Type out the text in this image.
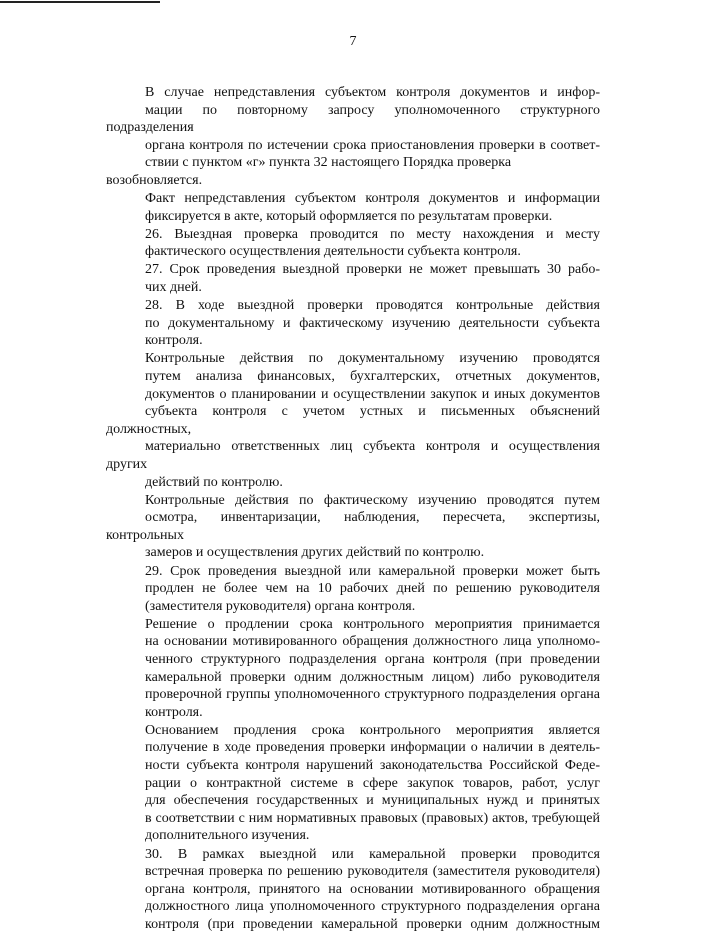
7

В случае непредставления субъектом контроля документов и инфор-
мации по повторному запросу уполномоченного структурного подразделения
органа контроля по истечении срока приостановления проверки в соответ-
ствии с пунктом «г» пункта 32 настоящего Порядка проверка возобновляется.

Факт непредставления субъектом контроля документов и информации
фиксируется в акте, который оформляется по результатам проверки.

26. Выездная проверка проводится по месту нахождения и месту
фактического осуществления деятельности субъекта контроля.

27. Срок проведения выездной проверки не может превышать 30 рабо-
чих дней.

28. В ходе выездной проверки проводятся контрольные действия
по документальному и фактическому изучению деятельности субъекта
контроля.

Контрольные действия по документальному изучению проводятся
путем анализа финансовых, бухгалтерских, отчетных документов,
документов о планировании и осуществлении закупок и иных документов
субъекта контроля с учетом устных и письменных объяснений должностных,
материально ответственных лиц субъекта контроля и осуществления других
действий по контролю.

Контрольные действия по фактическому изучению проводятся путем
осмотра, инвентаризации, наблюдения, пересчета, экспертизы, контрольных
замеров и осуществления других действий по контролю.

29. Срок проведения выездной или камеральной проверки может быть
продлен не более чем на 10 рабочих дней по решению руководителя
(заместителя руководителя) органа контроля.

Решение о продлении срока контрольного мероприятия принимается
на основании мотивированного обращения должностного лица уполномо-
ченного структурного подразделения органа контроля (при проведении
камеральной проверки одним должностным лицом) либо руководителя
проверочной группы уполномоченного структурного подразделения органа
контроля.

Основанием продления срока контрольного мероприятия является
получение в ходе проведения проверки информации о наличии в деятель-
ности субъекта контроля нарушений законодательства Российской Феде-
рации о контрактной системе в сфере закупок товаров, работ, услуг
для обеспечения государственных и муниципальных нужд и принятых
в соответствии с ним нормативных правовых (правовых) актов, требующей
дополнительного изучения.

30. В рамках выездной или камеральной проверки проводится
встречная проверка по решению руководителя (заместителя руководителя)
органа контроля, принятого на основании мотивированного обращения
должностного лица уполномоченного структурного подразделения органа
контроля (при проведении камеральной проверки одним должностным
